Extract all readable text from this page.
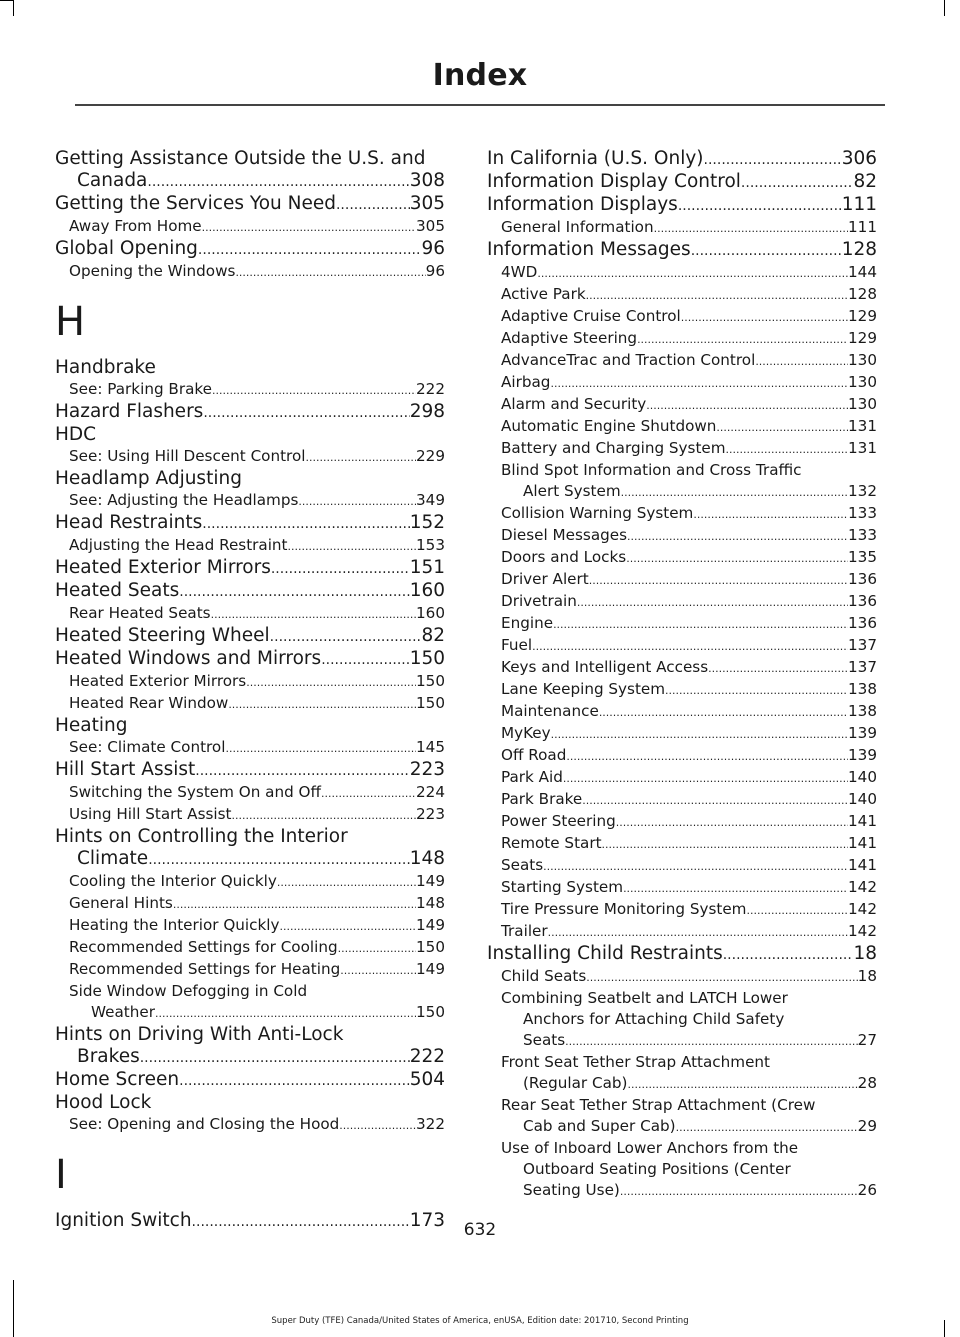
Index
Getting Assistance Outside the U.S. and
Canada .....	308
Getting the Services You Need .....	305
Away From Home .....	305
Global Opening .....	96
Opening the Windows .....	96
H
Handbrake
See: Parking Brake .....	222
Hazard Flashers .....	298
HDC
See: Using Hill Descent Control .....	229
Headlamp Adjusting
See: Adjusting the Headlamps .....	349
Head Restraints .....	152
Adjusting the Head Restraint .....	153
Heated Exterior Mirrors .....	151
Heated Seats .....	160
Rear Heated Seats .....	160
Heated Steering Wheel .....	82
Heated Windows and Mirrors .....	150
Heated Exterior Mirrors .....	150
Heated Rear Window .....	150
Heating
See: Climate Control .....	145
Hill Start Assist .....	223
Switching the System On and Off .....	224
Using Hill Start Assist .....	223
Hints on Controlling the Interior
Climate .....	148
Cooling the Interior Quickly .....	149
General Hints .....	148
Heating the Interior Quickly .....	149
Recommended Settings for Cooling .....	150
Recommended Settings for Heating .....	149
Side Window Defogging in Cold
Weather .....	150
Hints on Driving With Anti-Lock
Brakes .....	222
Home Screen .....	504
Hood Lock
See: Opening and Closing the Hood .....	322
I
Ignition Switch .....	173
In California (U.S. Only) .....	306
Information Display Control .....	82
Information Displays .....	111
General Information .....	111
Information Messages .....	128
4WD .....	144
Active Park .....	128
Adaptive Cruise Control .....	129
Adaptive Steering .....	129
AdvanceTrac and Traction Control .....	130
Airbag .....	130
Alarm and Security .....	130
Automatic Engine Shutdown .....	131
Battery and Charging System .....	131
Blind Spot Information and Cross Traffic
Alert System .....	132
Collision Warning System .....	133
Diesel Messages .....	133
Doors and Locks .....	135
Driver Alert .....	136
Drivetrain .....	136
Engine .....	136
Fuel .....	137
Keys and Intelligent Access .....	137
Lane Keeping System .....	138
Maintenance .....	138
MyKey .....	139
Off Road .....	139
Park Aid .....	140
Park Brake .....	140
Power Steering .....	141
Remote Start .....	141
Seats .....	141
Starting System .....	142
Tire Pressure Monitoring System .....	142
Trailer .....	142
Installing Child Restraints .....	18
Child Seats .....	18
Combining Seatbelt and LATCH Lower
Anchors for Attaching Child Safety
Seats .....	27
Front Seat Tether Strap Attachment
(Regular Cab) .....	28
Rear Seat Tether Strap Attachment (Crew
Cab and Super Cab) .....	29
Use of Inboard Lower Anchors from the
Outboard Seating Positions (Center
Seating Use) .....	26
632
Super Duty (TFE) Canada/United States of America, enUSA, Edition date: 201710, Second Printing
